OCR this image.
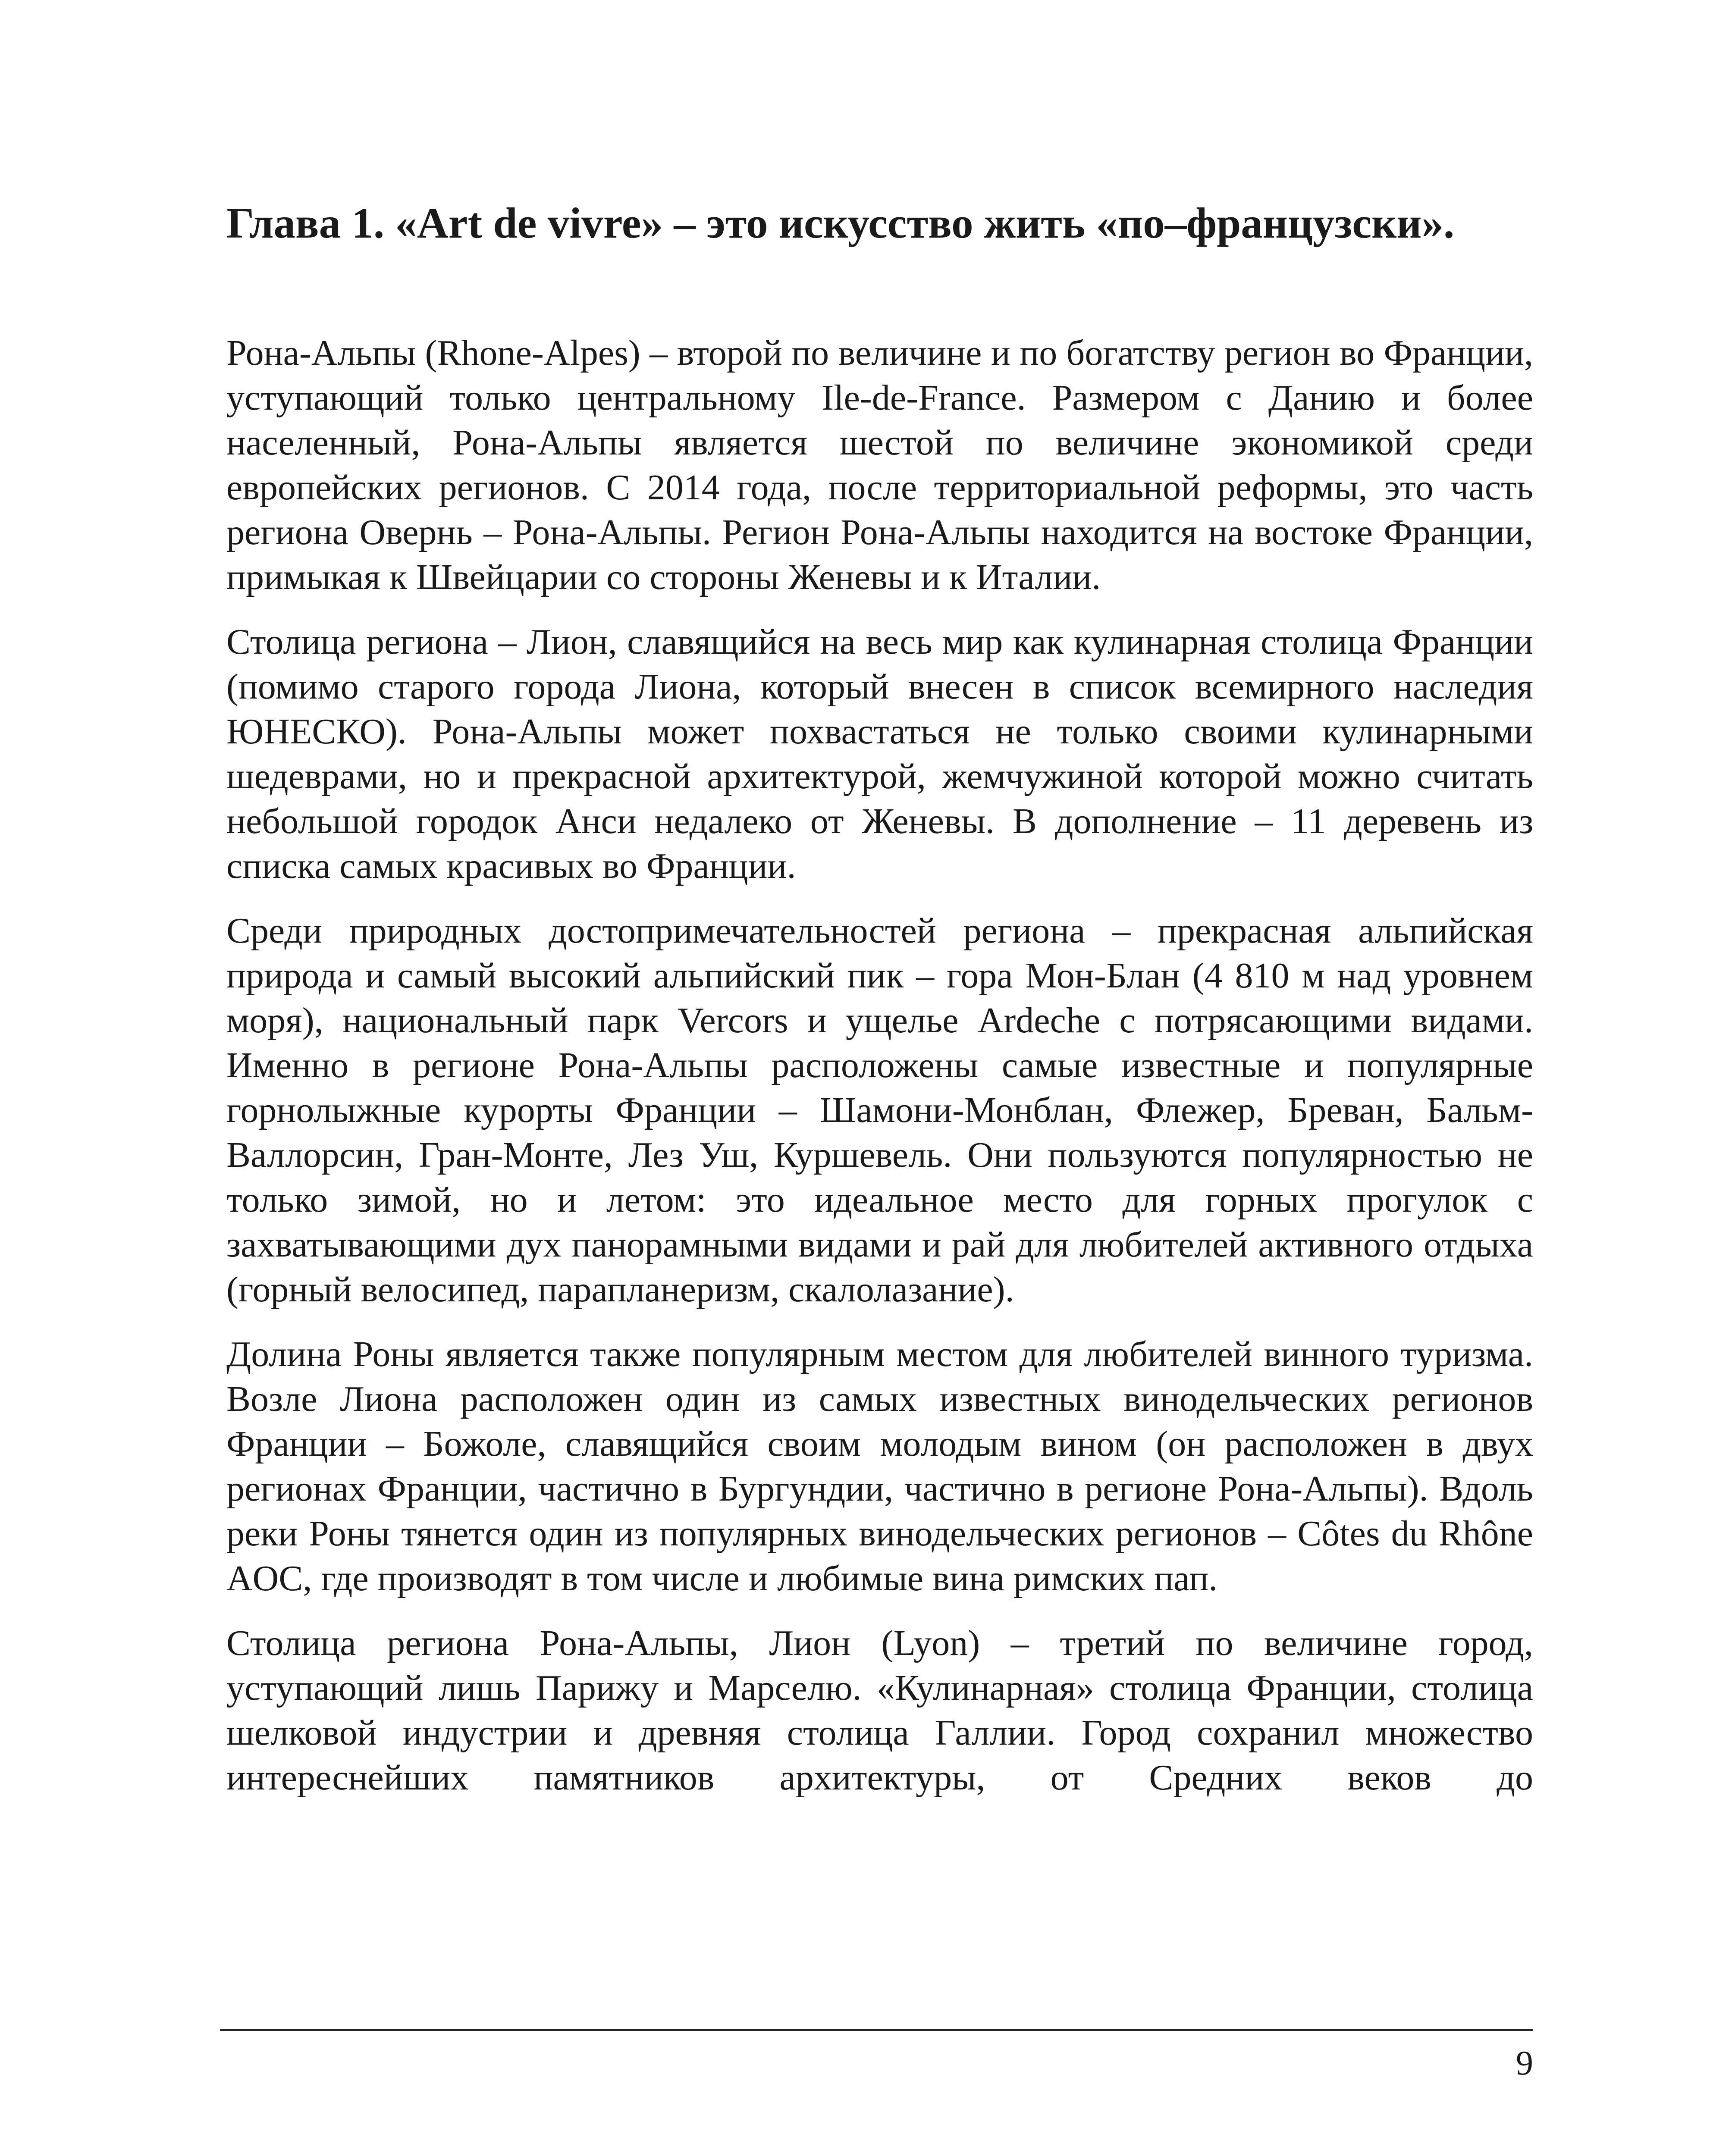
Глава 1. «Art de vivre» – это искусство жить «по–французски».

Рона-Альпы (Rhone-Alpes) – второй по величине и по богатству регион во Франции, уступающий только центральному Ile-de-France. Размером с Данию и более населенный, Рона-Альпы является шестой по величине экономикой среди европейских регионов. С 2014 года, после территориальной реформы, это часть региона Овернь – Рона-Альпы. Регион Рона-Альпы находится на востоке Франции, примыкая к Швейцарии со стороны Женевы и к Италии.

Столица региона – Лион, славящийся на весь мир как кулинарная столица Франции (помимо старого города Лиона, который внесен в список всемирного наследия ЮНЕСКО). Рона-Альпы может похвастаться не только своими кулинарными шедеврами, но и прекрасной архитектурой, жемчужиной которой можно считать небольшой городок Анси недалеко от Женевы. В дополнение – 11 деревень из списка самых красивых во Франции.

Среди природных достопримечательностей региона – прекрасная альпийская природа и самый высокий альпийский пик – гора Мон-Блан (4 810 м над уровнем моря), национальный парк Vercors и ущелье Ardeche с потрясающими видами. Именно в регионе Рона-Альпы расположены самые известные и популярные горнолыжные курорты Франции – Шамони-Монблан, Флежер, Бреван, Бальм-Валлорсин, Гран-Монте, Лез Уш, Куршевель. Они пользуются популярностью не только зимой, но и летом: это идеальное место для горных прогулок с захватывающими дух панорамными видами и рай для любителей активного отдыха (горный велосипед, парапланеризм, скалолазание).

Долина Роны является также популярным местом для любителей винного туризма. Возле Лиона расположен один из самых известных винодельческих регионов Франции – Божоле, славящийся своим молодым вином (он расположен в двух регионах Франции, частично в Бургундии, частично в регионе Рона-Альпы). Вдоль реки Роны тянется один из популярных винодельческих регионов – Côtes du Rhône AOC, где производят в том числе и любимые вина римских пап.

Столица региона Рона-Альпы, Лион (Lyon) – третий по величине город, уступающий лишь Парижу и Марселю. «Кулинарная» столица Франции, столица шелковой индустрии и древняя столица Галлии. Город сохранил множество интереснейших памятников архитектуры, от Средних веков до

9
